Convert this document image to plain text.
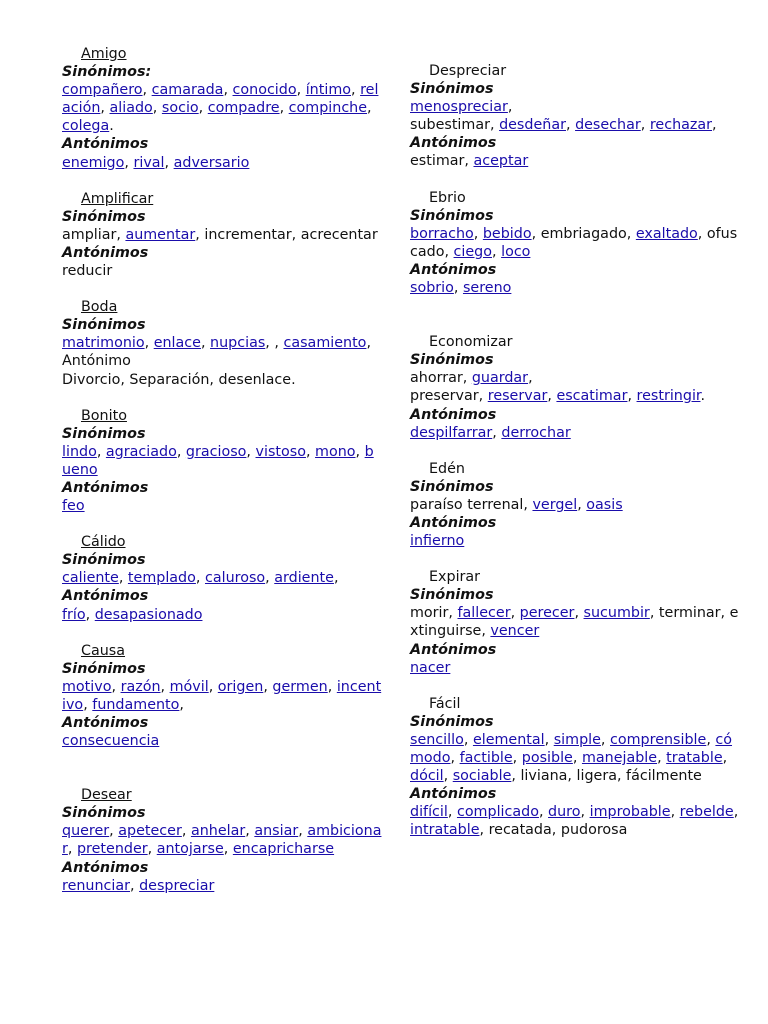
Amigo
Sinónimos:
compañero, camarada, conocido, íntimo, relación, aliado, socio, compadre, compinche, colega.
Antónimos
enemigo, rival, adversario
Amplificar
Sinónimos
ampliar, aumentar, incrementar, acrecentar
Antónimos
reducir
Boda
Sinónimos
matrimonio, enlace, nupcias, , casamiento,
Antónimo
Divorcio, Separación, desenlace.
Bonito
Sinónimos
lindo, agraciado, gracioso, vistoso, mono, bueno
Antónimos
feo
Cálido
Sinónimos
caliente, templado, caluroso, ardiente,
Antónimos
frío, desapasionado
Causa
Sinónimos
motivo, razón, móvil, origen, germen, incentivo, fundamento,
Antónimos
consecuencia
Desear
Sinónimos
querer, apetecer, anhelar, ansiar, ambicionar, pretender, antojarse, encapricharse
Antónimos
renunciar, despreciar
Despreciar
Sinónimos
menospreciar,
subestimar, desdeñar, desechar, rechazar,
Antónimos
estimar, aceptar
Ebrio
Sinónimos
borracho, bebido, embriagado, exaltado, ofuscado, ciego, loco
Antónimos
sobrio, sereno
Economizar
Sinónimos
ahorrar, guardar,
preservar, reservar, escatimar, restringir.
Antónimos
despilfarrar, derrochar
Edén
Sinónimos
paraíso terrenal, vergel, oasis
Antónimos
infierno
Expirar
Sinónimos
morir, fallecer, perecer, sucumbir, terminar, extinguirse, vencer
Antónimos
nacer
Fácil
Sinónimos
sencillo, elemental, simple, comprensible, cómodo, factible, posible, manejable, tratable, dócil, sociable, liviana, ligera, fácilmente
Antónimos
difícil, complicado, duro, improbable, rebelde, intratable, recatada, pudorosa
